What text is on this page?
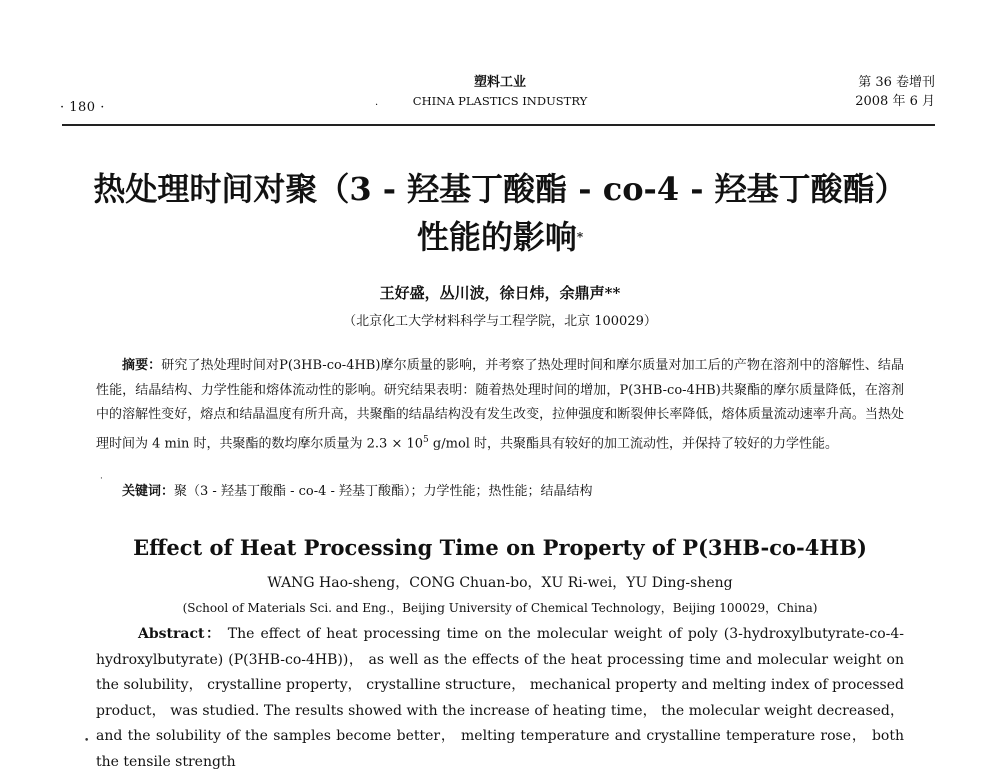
· 180 ·	·
塑料工业
CHINA PLASTICS INDUSTRY
第 36 卷增刊
2008 年 6 月
热处理时间对聚（3 - 羟基丁酸酯 - co-4 - 羟基丁酸酯）
性能的影响*
王好盛，丛川波，徐日炜，余鼎声**
（北京化工大学材料科学与工程学院，北京 100029）
摘要：研究了热处理时间对P(3HB-co-4HB)摩尔质量的影响，并考察了热处理时间和摩尔质量对加工后的产物在溶剂中的溶解性、结晶性能，结晶结构、力学性能和熔体流动性的影响。研究结果表明：随着热处理时间的增加，P(3HB-co-4HB)共聚酯的摩尔质量降低，在溶剂中的溶解性变好，熔点和结晶温度有所升高，共聚酯的结晶结构没有发生改变，拉伸强度和断裂伸长率降低，熔体质量流动速率升高。当热处理时间为 4 min 时，共聚酯的数均摩尔质量为 $2.3 \times 10^5$ g/mol 时，共聚酯具有较好的加工流动性，并保持了较好的力学性能。
关键词：聚（3 - 羟基丁酸酯 - co-4 - 羟基丁酸酯）；力学性能；热性能；结晶结构
Effect of Heat Processing Time on Property of P(3HB-co-4HB)
WANG Hao-sheng，CONG Chuan-bo，XU Ri-wei，YU Ding-sheng
(School of Materials Sci. and Eng.，Beijing University of Chemical Technology，Beijing 100029，China)
Abstract： The effect of heat processing time on the molecular weight of poly (3-hydroxylbutyrate-co-4-hydroxylbutyrate) (P(3HB-co-4HB))， as well as the effects of the heat processing time and molecular weight on the solubility， crystalline property， crystalline structure， mechanical property and melting index of processed product， was studied. The results showed with the increase of heating time， the molecular weight decreased， and the solubility of the samples become better， melting temperature and crystalline temperature rose， both the tensile strength
•
·
